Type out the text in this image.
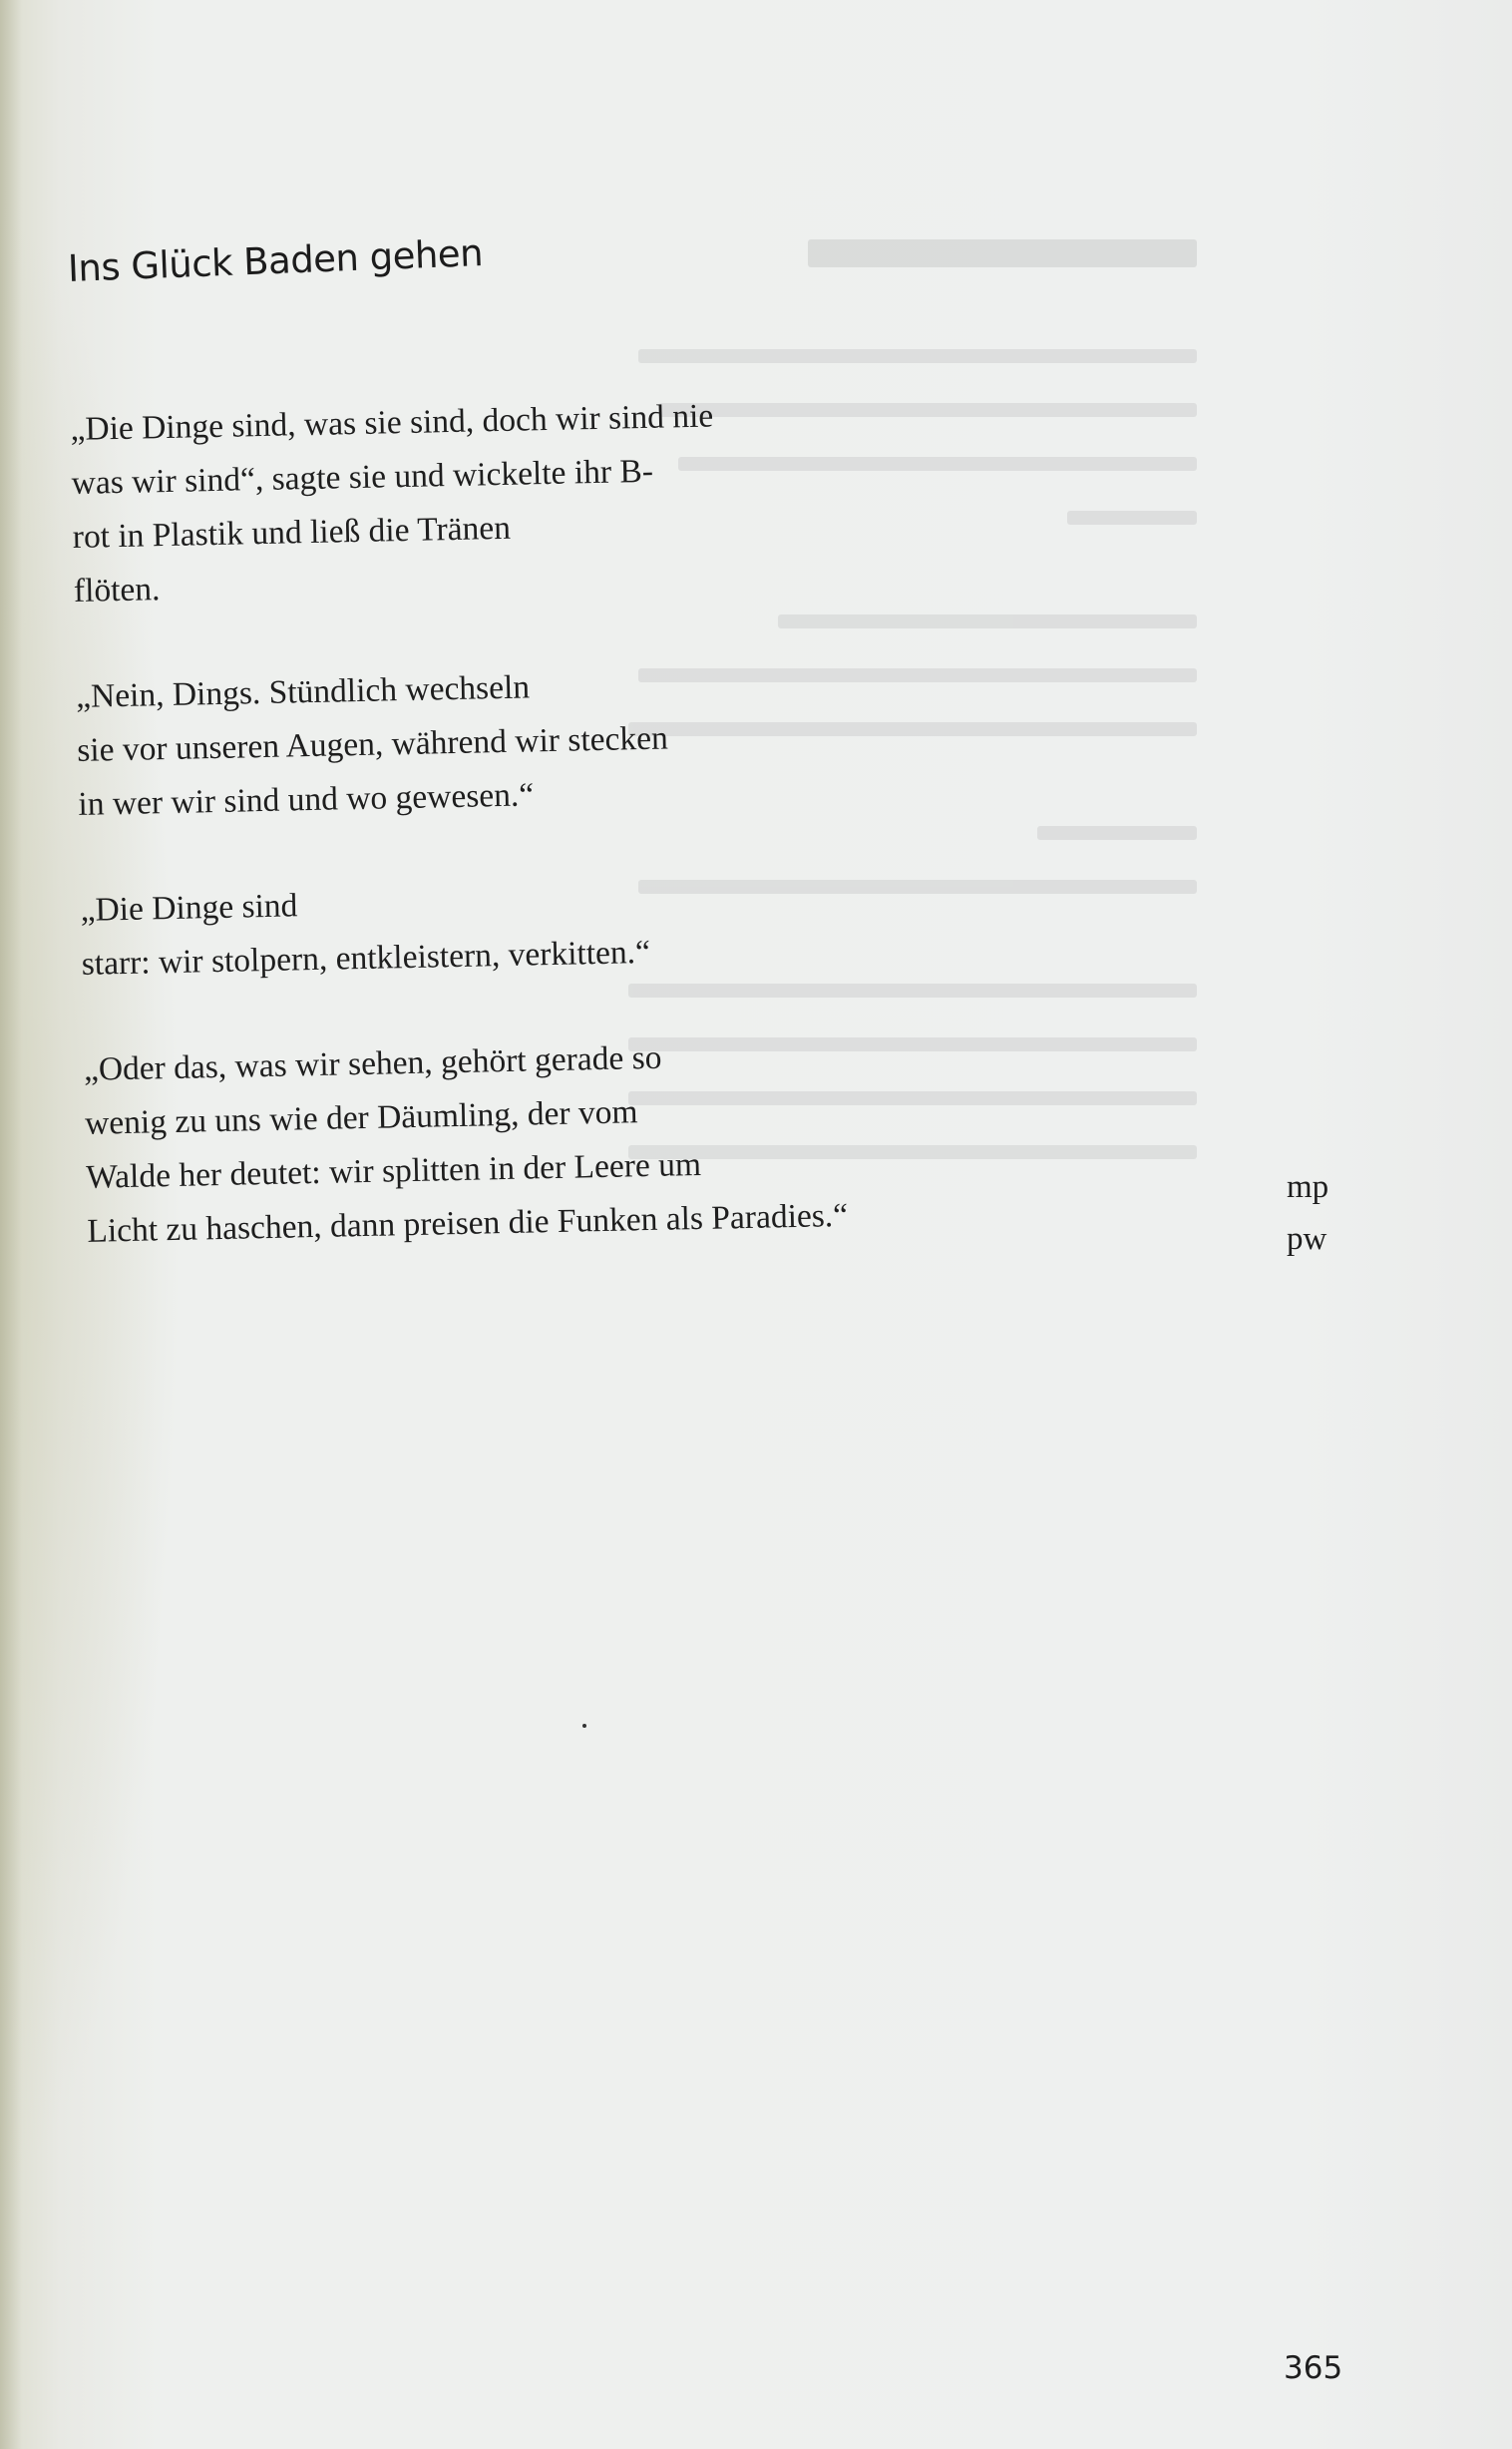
Ins Glück Baden gehen
„Die Dinge sind, was sie sind, doch wir sind nie
was wir sind“, sagte sie und wickelte ihr B-
rot in Plastik und ließ die Tränen
flöten.
„Nein, Dings. Stündlich wechseln
sie vor unseren Augen, während wir stecken
in wer wir sind und wo gewesen.“
„Die Dinge sind
starr: wir stolpern, entkleistern, verkitten.“
„Oder das, was wir sehen, gehört gerade so
wenig zu uns wie der Däumling, der vom
Walde her deutet: wir splitten in der Leere um
Licht zu haschen, dann preisen die Funken als Paradies.“
mp
pw
365
